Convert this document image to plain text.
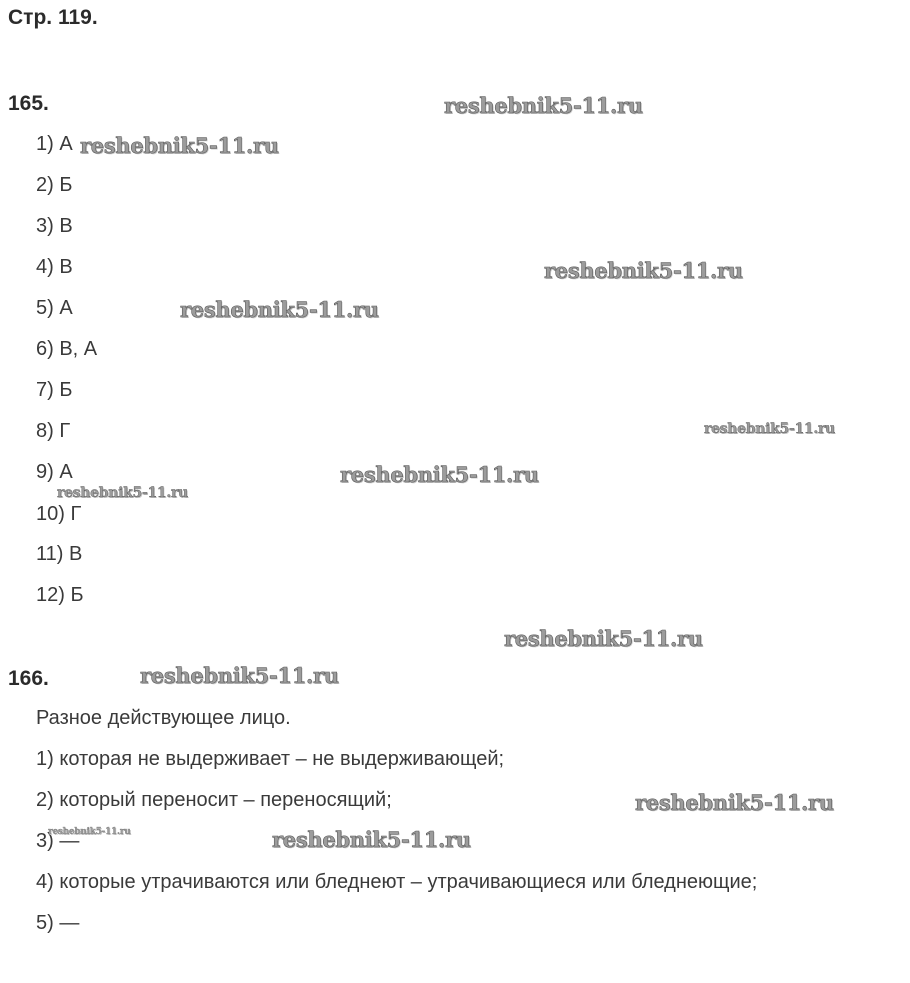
Стр. 119.
165.
1) А
2) Б
3) В
4) В
5) А
6) В, А
7) Б
8) Г
9) А
10) Г
11) В
12) Б
166.
Разное действующее лицо.
1) которая не выдерживает – не выдерживающей;
2) который переносит – переносящий;
3) —
4) которые утрачиваются или бледнеют – утрачивающиеся или бледнеющие;
5) —
reshebnik5-11.ru
reshebnik5-11.ru
reshebnik5-11.ru
reshebnik5-11.ru
reshebnik5-11.ru
reshebnik5-11.ru
reshebnik5-11.ru
reshebnik5-11.ru
reshebnik5-11.ru
reshebnik5-11.ru
reshebnik5-11.ru	reshebnik5-11.ru
